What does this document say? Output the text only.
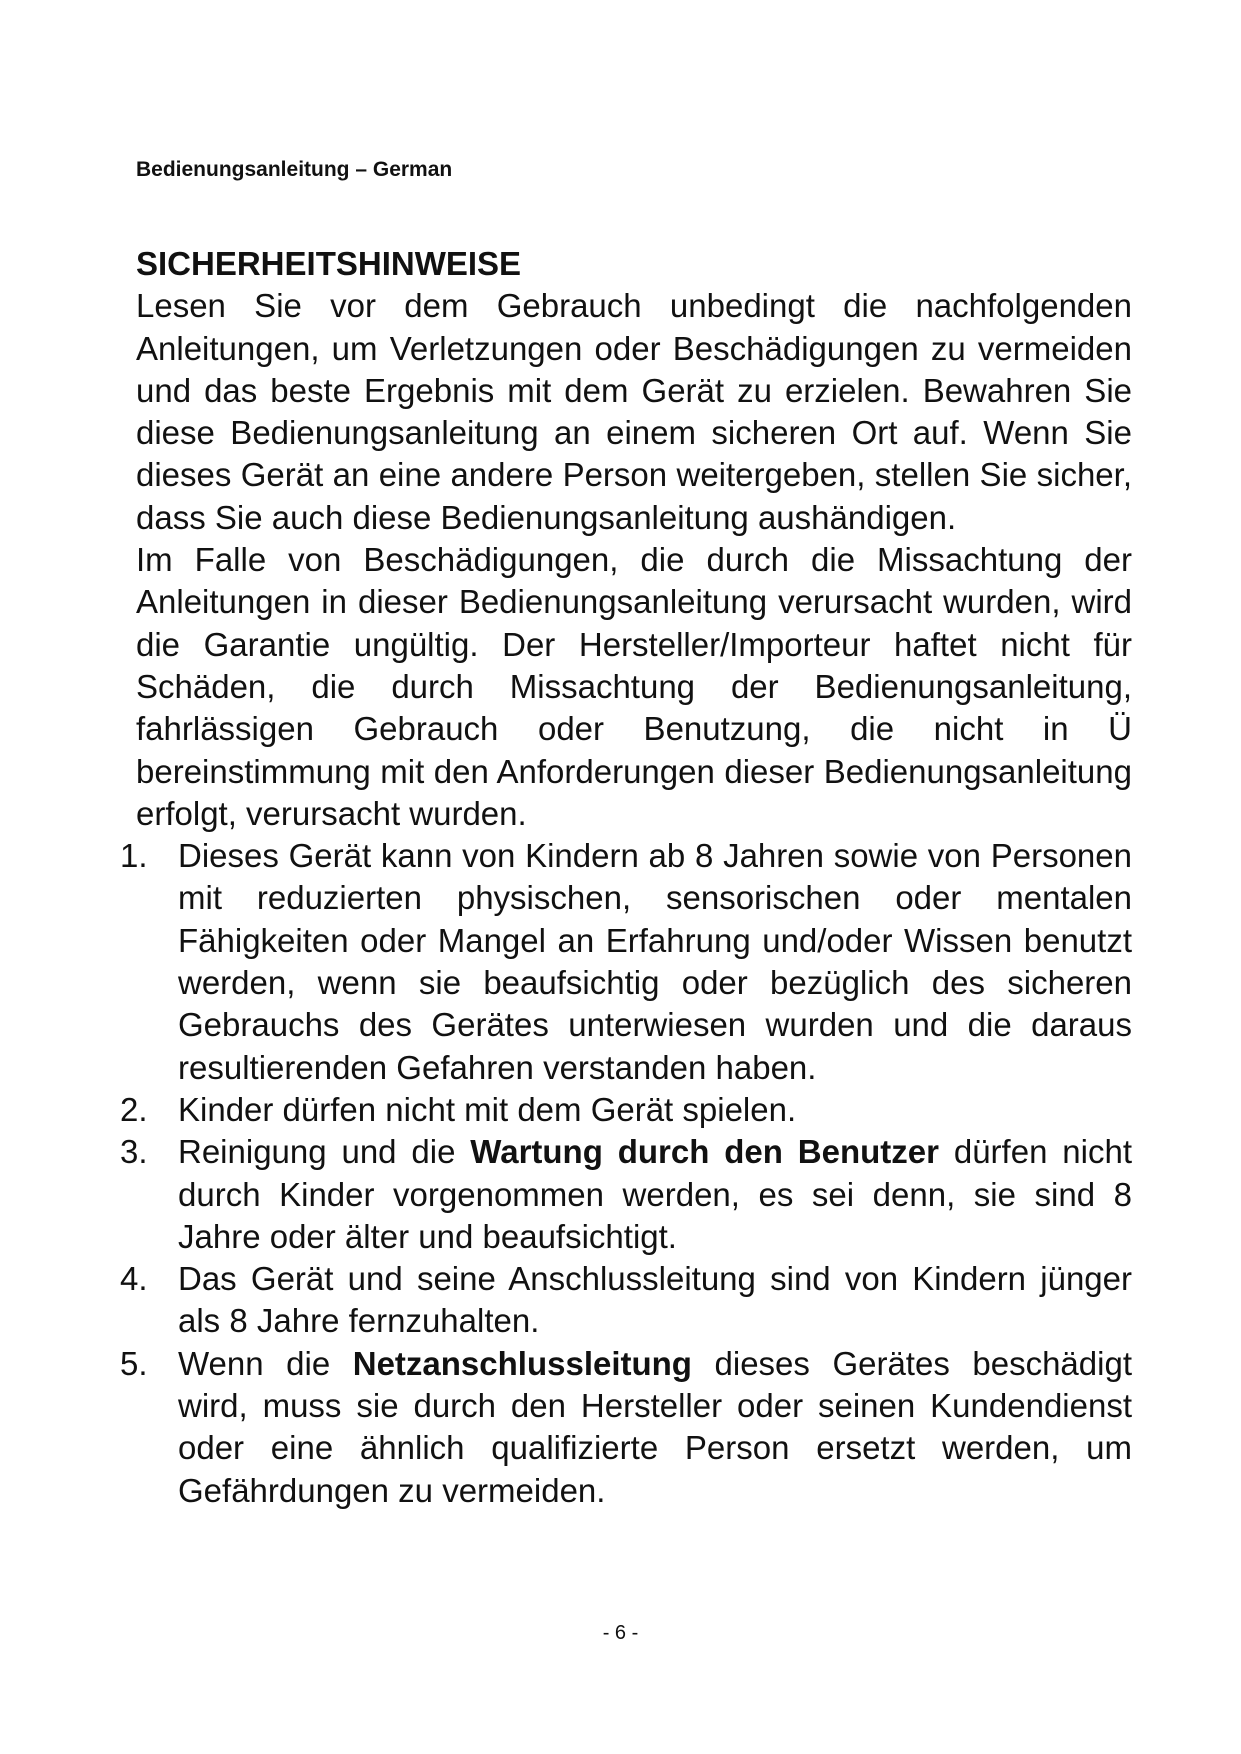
Bedienungsanleitung – German
SICHERHEITSHINWEISE

Lesen Sie vor dem Gebrauch unbedingt die nachfolgenden Anleitungen, um Verletzungen oder Beschädigungen zu vermeiden und das beste Ergebnis mit dem Gerät zu erzielen. Bewahren Sie diese Bedienungsanleitung an einem sicheren Ort auf. Wenn Sie dieses Gerät an eine andere Person weitergeben, stellen Sie sicher, dass Sie auch diese Bedienungsanleitung aushändigen.

Im Falle von Beschädigungen, die durch die Missachtung der Anleitungen in dieser Bedienungsanleitung verursacht wurden, wird die Garantie ungültig. Der Hersteller/Importeur haftet nicht für Schäden, die durch Missachtung der Bedienungsanleitung, fahrlässigen Gebrauch oder Benutzung, die nicht in Ü bereinstimmung mit den Anforderungen dieser Bedienungsanleitung erfolgt, verursacht wurden.

1. Dieses Gerät kann von Kindern ab 8 Jahren sowie von Personen mit reduzierten physischen, sensorischen oder mentalen Fähigkeiten oder Mangel an Erfahrung und/oder Wissen benutzt werden, wenn sie beaufsichtig oder bezüglich des sicheren Gebrauchs des Gerätes unterwiesen wurden und die daraus resultierenden Gefahren verstanden haben.
2. Kinder dürfen nicht mit dem Gerät spielen.
3. Reinigung und die Wartung durch den Benutzer dürfen nicht durch Kinder vorgenommen werden, es sei denn, sie sind 8 Jahre oder älter und beaufsichtigt.
4. Das Gerät und seine Anschlussleitung sind von Kindern jünger als 8 Jahre fernzuhalten.
5. Wenn die Netzanschlussleitung dieses Gerätes beschädigt wird, muss sie durch den Hersteller oder seinen Kundendienst oder eine ähnlich qualifizierte Person ersetzt werden, um Gefährdungen zu vermeiden.
- 6 -
